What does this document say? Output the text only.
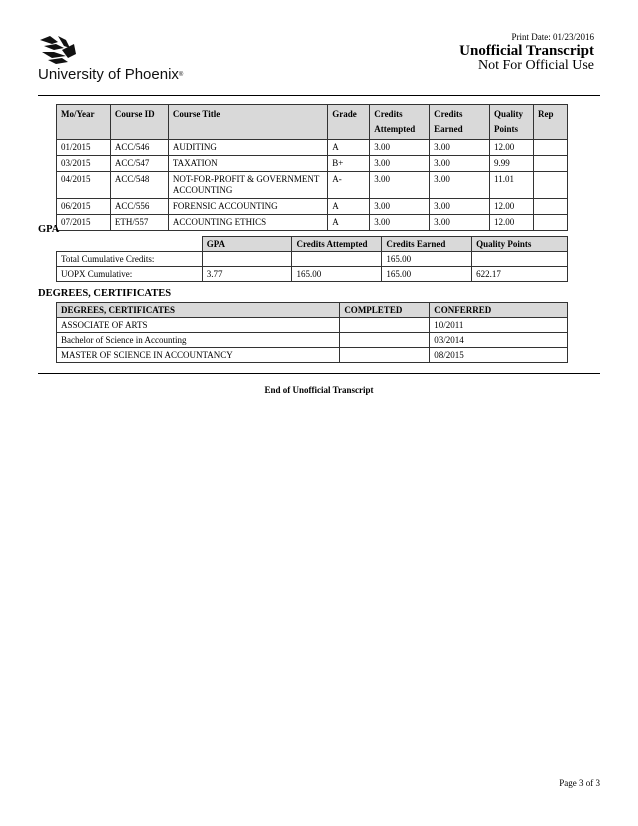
University of Phoenix®
Print Date: 01/23/2016
Unofficial Transcript
Not For Official Use
Mo/Year	Course ID	Course Title	Grade	Credits Attempted	Credits Earned	Quality Points	Rep
01/2015	ACC/546	AUDITING	A	3.00	3.00	12.00	
03/2015	ACC/547	TAXATION	B+	3.00	3.00	9.99	
04/2015	ACC/548	NOT-FOR-PROFIT & GOVERNMENT ACCOUNTING	A-	3.00	3.00	11.01	
06/2015	ACC/556	FORENSIC ACCOUNTING	A	3.00	3.00	12.00	
07/2015	ETH/557	ACCOUNTING ETHICS	A	3.00	3.00	12.00	
GPA
	GPA	Credits Attempted	Credits Earned	Quality Points
Total Cumulative Credits:			165.00	
UOPX Cumulative:	3.77	165.00	165.00	622.17
DEGREES, CERTIFICATES
DEGREES, CERTIFICATES	COMPLETED	CONFERRED
ASSOCIATE OF ARTS		10/2011
Bachelor of Science in Accounting		03/2014
MASTER OF SCIENCE IN ACCOUNTANCY		08/2015
End of Unofficial Transcript
Page 3 of 3
